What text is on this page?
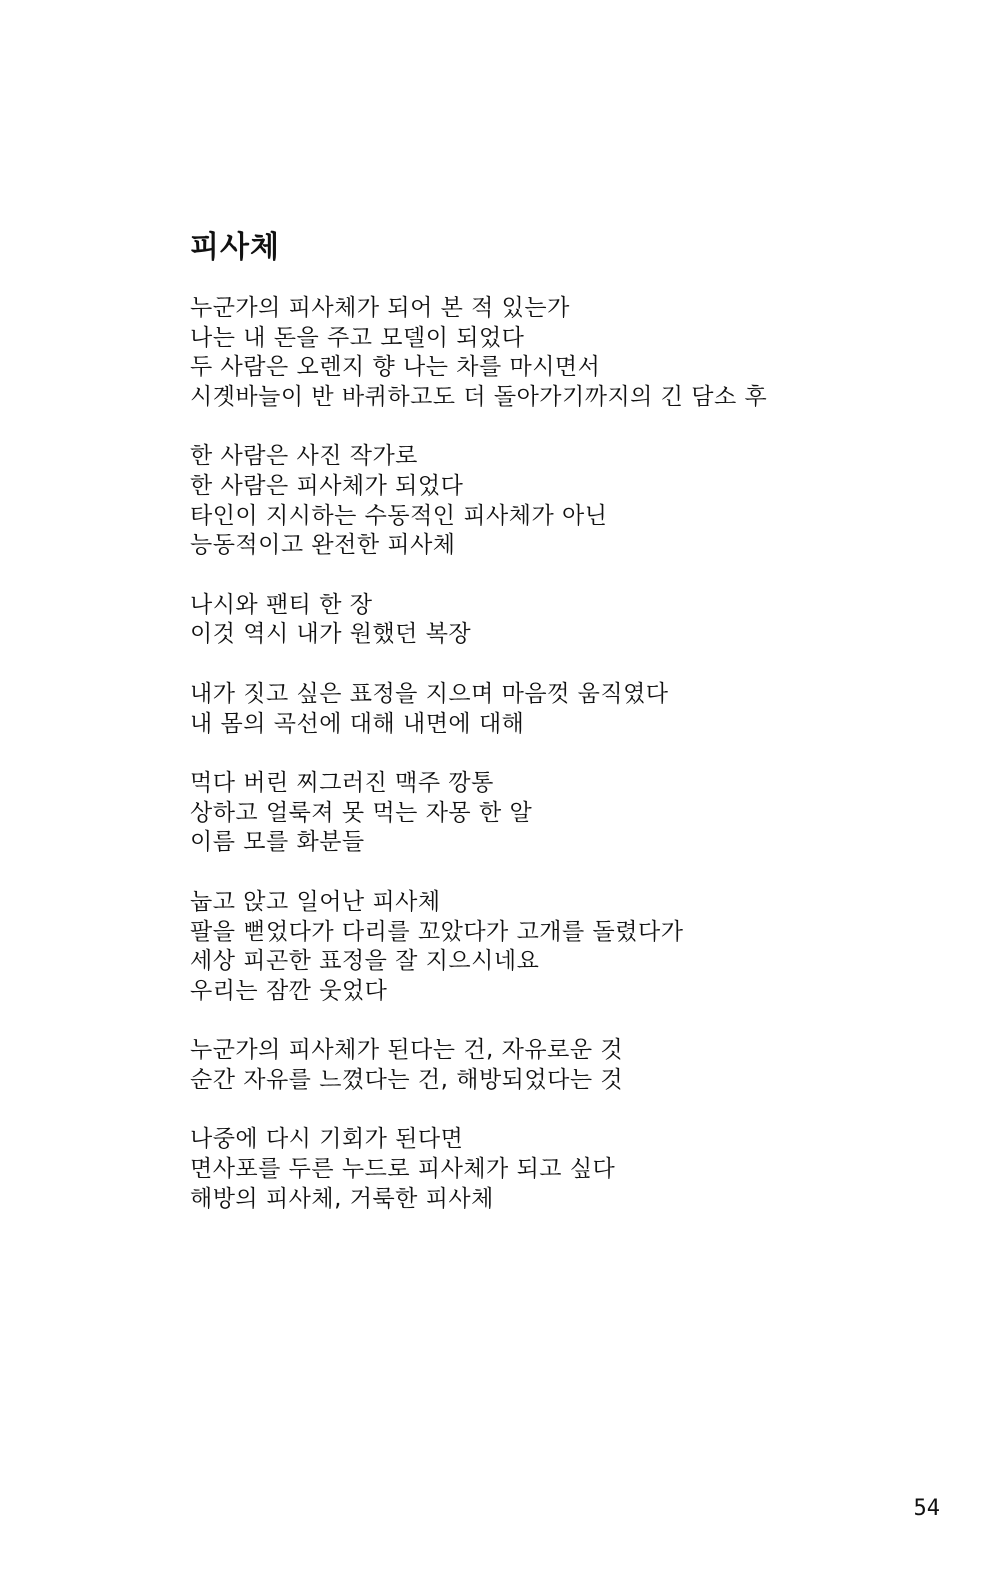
피사체
누군가의 피사체가 되어 본 적 있는가
나는 내 돈을 주고 모델이 되었다
두 사람은 오렌지 향 나는 차를 마시면서
시곗바늘이 반 바퀴하고도 더 돌아가기까지의 긴 담소 후
한 사람은 사진 작가로
한 사람은 피사체가 되었다
타인이 지시하는 수동적인 피사체가 아닌
능동적이고 완전한 피사체
나시와 팬티 한 장
이것 역시 내가 원했던 복장
내가 짓고 싶은 표정을 지으며 마음껏 움직였다
내 몸의 곡선에 대해 내면에 대해
먹다 버린 찌그러진 맥주 깡통
상하고 얼룩져 못 먹는 자몽 한 알
이름 모를 화분들
눕고 앉고 일어난 피사체
팔을 뻗었다가 다리를 꼬았다가 고개를 돌렸다가
세상 피곤한 표정을 잘 지으시네요
우리는 잠깐 웃었다
누군가의 피사체가 된다는 건, 자유로운 것
순간 자유를 느꼈다는 건, 해방되었다는 것
나중에 다시 기회가 된다면
면사포를 두른 누드로 피사체가 되고 싶다
해방의 피사체, 거룩한 피사체
54
